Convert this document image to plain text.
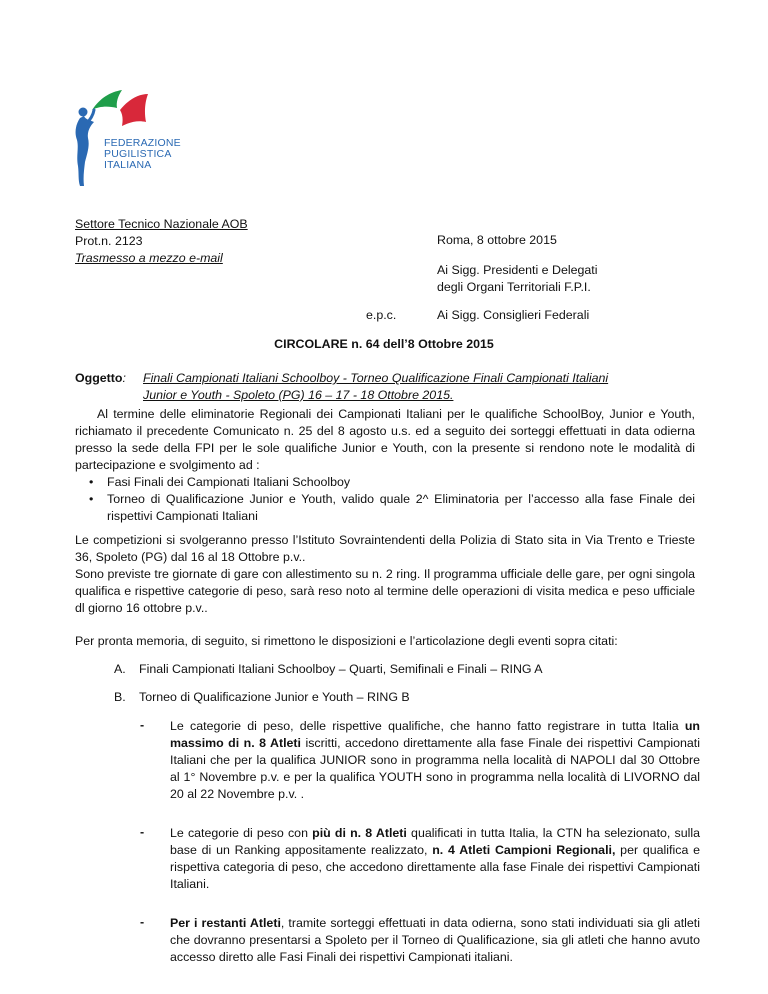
FEDERAZIONE
PUGILISTICA
ITALIANA
Settore Tecnico Nazionale AOB
Prot.n. 2123
Trasmesso a mezzo e-mail
Roma, 8 ottobre 2015
Ai Sigg. Presidenti e Delegati
degli Organi Territoriali F.P.I.
e.p.c.	Ai Sigg. Consiglieri Federali
CIRCOLARE n. 64 dell’8 Ottobre 2015
Oggetto: Finali Campionati Italiani Schoolboy - Torneo Qualificazione Finali Campionati Italiani
Junior e Youth - Spoleto (PG) 16 – 17 - 18 Ottobre 2015.
Al termine delle eliminatorie Regionali dei Campionati Italiani per le qualifiche SchoolBoy, Junior e Youth, richiamato il precedente Comunicato n. 25 del 8 agosto u.s. ed a seguito dei sorteggi effettuati in data odierna presso la sede della FPI per le sole qualifiche Junior e Youth, con la presente si rendono note le modalità di partecipazione e svolgimento ad :
• Fasi Finali dei Campionati Italiani Schoolboy
• Torneo di Qualificazione Junior e Youth, valido quale 2^ Eliminatoria per l’accesso alla fase Finale dei rispettivi Campionati Italiani
Le competizioni si svolgeranno presso l’Istituto Sovraintendenti della Polizia di Stato sita in Via Trento e Trieste 36, Spoleto (PG) dal 16 al 18 Ottobre p.v..
Sono previste tre giornate di gare con allestimento su n. 2 ring. Il programma ufficiale delle gare, per ogni singola qualifica e rispettive categorie di peso, sarà reso noto al termine delle operazioni di visita medica e peso ufficiale dl giorno 16 ottobre p.v..
Per pronta memoria, di seguito, si rimettono le disposizioni e l’articolazione degli eventi sopra citati:
A. Finali Campionati Italiani Schoolboy – Quarti, Semifinali e Finali – RING A
B. Torneo di Qualificazione Junior e Youth – RING B
- Le categorie di peso, delle rispettive qualifiche, che hanno fatto registrare in tutta Italia un massimo di n. 8 Atleti iscritti, accedono direttamente alla fase Finale dei rispettivi Campionati Italiani che per la qualifica JUNIOR sono in programma nella località di NAPOLI dal 30 Ottobre al 1° Novembre p.v. e per la qualifica YOUTH sono in programma nella località di LIVORNO dal 20 al 22 Novembre p.v. .
- Le categorie di peso con più di n. 8 Atleti qualificati in tutta Italia, la CTN ha selezionato, sulla base di un Ranking appositamente realizzato, n. 4 Atleti Campioni Regionali, per qualifica e rispettiva categoria di peso, che accedono direttamente alla fase Finale dei rispettivi Campionati Italiani.
- Per i restanti Atleti, tramite sorteggi effettuati in data odierna, sono stati individuati sia gli atleti che dovranno presentarsi a Spoleto per il Torneo di Qualificazione, sia gli atleti che hanno avuto accesso diretto alle Fasi Finali dei rispettivi Campionati italiani.
